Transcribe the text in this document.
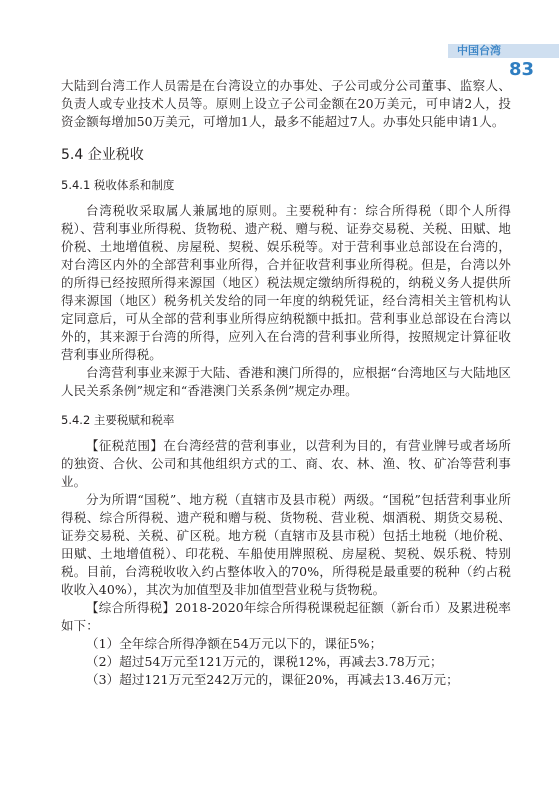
中国台湾
83

大陆到台湾工作人员需是在台湾设立的办事处、子公司或分公司董事、监察人、负责人或专业技术人员等。原则上设立子公司金额在20万美元，可申请2人，投资金额每增加50万美元，可增加1人，最多不能超过7人。办事处只能申请1人。

5.4 企业税收
5.4.1 税收体系和制度

台湾税收采取属人兼属地的原则。主要税种有：综合所得税（即个人所得税）、营利事业所得税、货物税、遗产税、赠与税、证券交易税、关税、田赋、地价税、土地增值税、房屋税、契税、娱乐税等。对于营利事业总部设在台湾的，对台湾区内外的全部营利事业所得，合并征收营利事业所得税。但是，台湾以外的所得已经按照所得来源国（地区）税法规定缴纳所得税的，纳税义务人提供所得来源国（地区）税务机关发给的同一年度的纳税凭证，经台湾相关主管机构认定同意后，可从全部的营利事业所得应纳税额中抵扣。营利事业总部设在台湾以外的，其来源于台湾的所得，应列入在台湾的营利事业所得，按照规定计算征收营利事业所得税。

台湾营利事业来源于大陆、香港和澳门所得的，应根据“台湾地区与大陆地区人民关系条例”规定和“香港澳门关系条例”规定办理。

5.4.2 主要税赋和税率

【征税范围】在台湾经营的营利事业，以营利为目的，有营业牌号或者场所的独资、合伙、公司和其他组织方式的工、商、农、林、渔、牧、矿冶等营利事业。

分为所谓“国税”、地方税（直辖市及县市税）两级。“国税”包括营利事业所得税、综合所得税、遗产税和赠与税、货物税、营业税、烟酒税、期货交易税、证券交易税、关税、矿区税。地方税（直辖市及县市税）包括土地税（地价税、田赋、土地增值税）、印花税、车船使用牌照税、房屋税、契税、娱乐税、特别税。目前，台湾税收收入约占整体收入的70%，所得税是最重要的税种（约占税收收入40%），其次为加值型及非加值型营业税与货物税。

【综合所得税】2018-2020年综合所得税课税起征额（新台币）及累进税率如下：

（1）全年综合所得净额在54万元以下的，课征5%；

（2）超过54万元至121万元的，课税12%，再减去3.78万元；

（3）超过121万元至242万元的，课征20%，再减去13.46万元；
